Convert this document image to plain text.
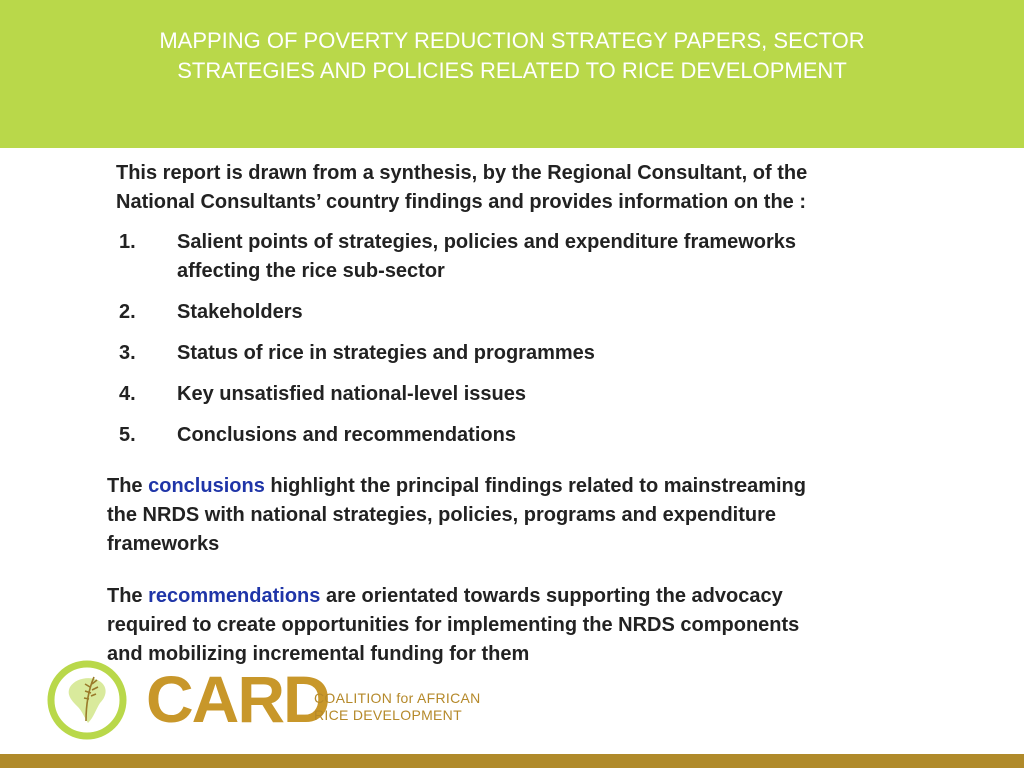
MAPPING OF POVERTY REDUCTION STRATEGY PAPERS, SECTOR
STRATEGIES AND POLICIES RELATED TO RICE DEVELOPMENT
This report is drawn from a synthesis, by the Regional Consultant, of the
National Consultants’ country findings and provides information on the :
1.	Salient points of strategies, policies and expenditure frameworks
affecting the rice sub-sector
2.	Stakeholders
3.	Status of rice in strategies and programmes
4.	Key unsatisfied national-level issues
5.	Conclusions and recommendations
The conclusions highlight the principal findings related to mainstreaming
the NRDS with national strategies, policies, programs and expenditure
frameworks
The recommendations are orientated towards supporting the advocacy
required to create opportunities for implementing the NRDS components
and mobilizing incremental funding for them
CARD
COALITION for AFRICAN
RICE DEVELOPMENT
